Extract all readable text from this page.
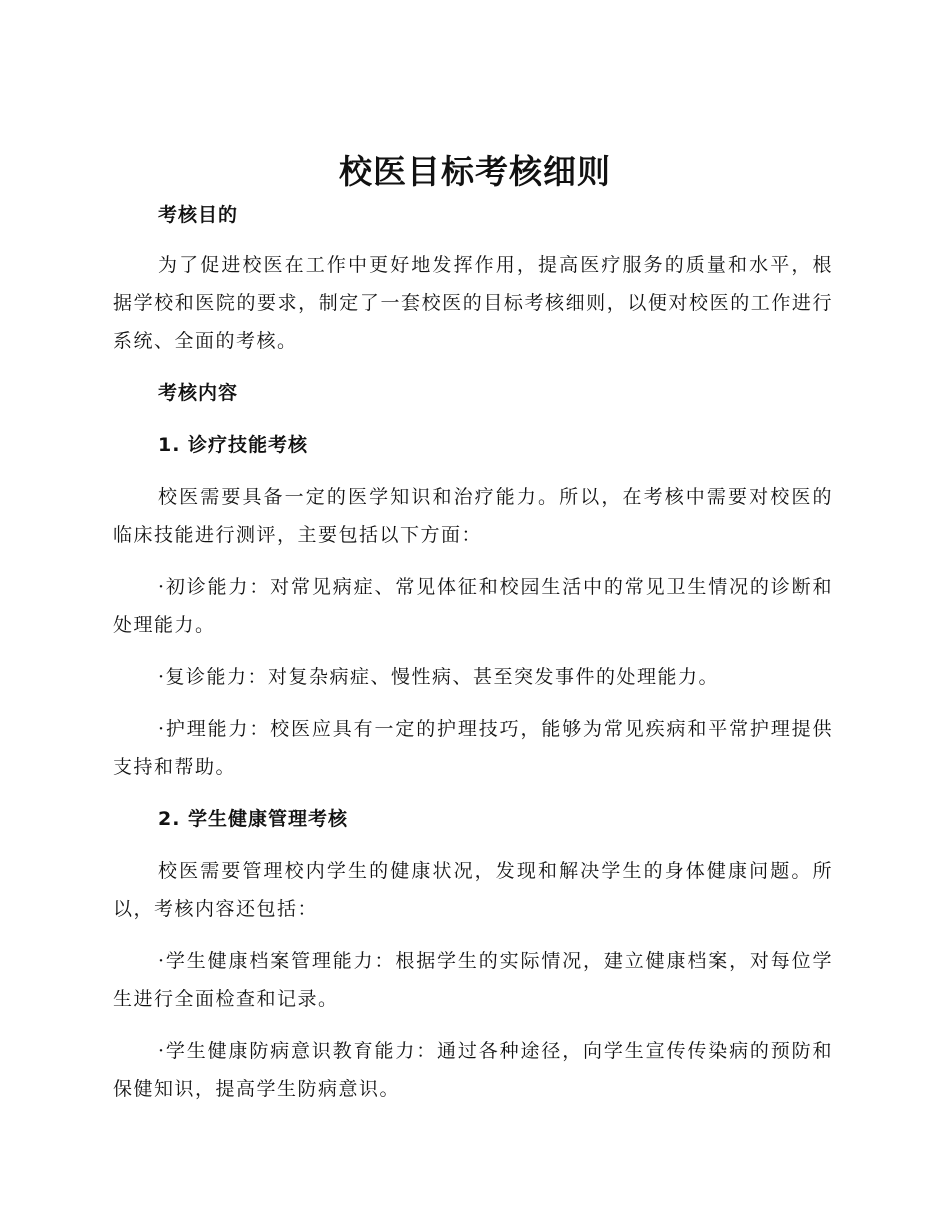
校医目标考核细则

考核目的

为了促进校医在工作中更好地发挥作用，提高医疗服务的质量和水平，根据学校和医院的要求，制定了一套校医的目标考核细则，以便对校医的工作进行系统、全面的考核。

考核内容

1. 诊疗技能考核

校医需要具备一定的医学知识和治疗能力。所以，在考核中需要对校医的临床技能进行测评，主要包括以下方面：

·初诊能力：对常见病症、常见体征和校园生活中的常见卫生情况的诊断和处理能力。

·复诊能力：对复杂病症、慢性病、甚至突发事件的处理能力。

·护理能力：校医应具有一定的护理技巧，能够为常见疾病和平常护理提供支持和帮助。

2. 学生健康管理考核

校医需要管理校内学生的健康状况，发现和解决学生的身体健康问题。所以，考核内容还包括：

·学生健康档案管理能力：根据学生的实际情况，建立健康档案，对每位学生进行全面检查和记录。

·学生健康防病意识教育能力：通过各种途径，向学生宣传传染病的预防和保健知识，提高学生防病意识。
